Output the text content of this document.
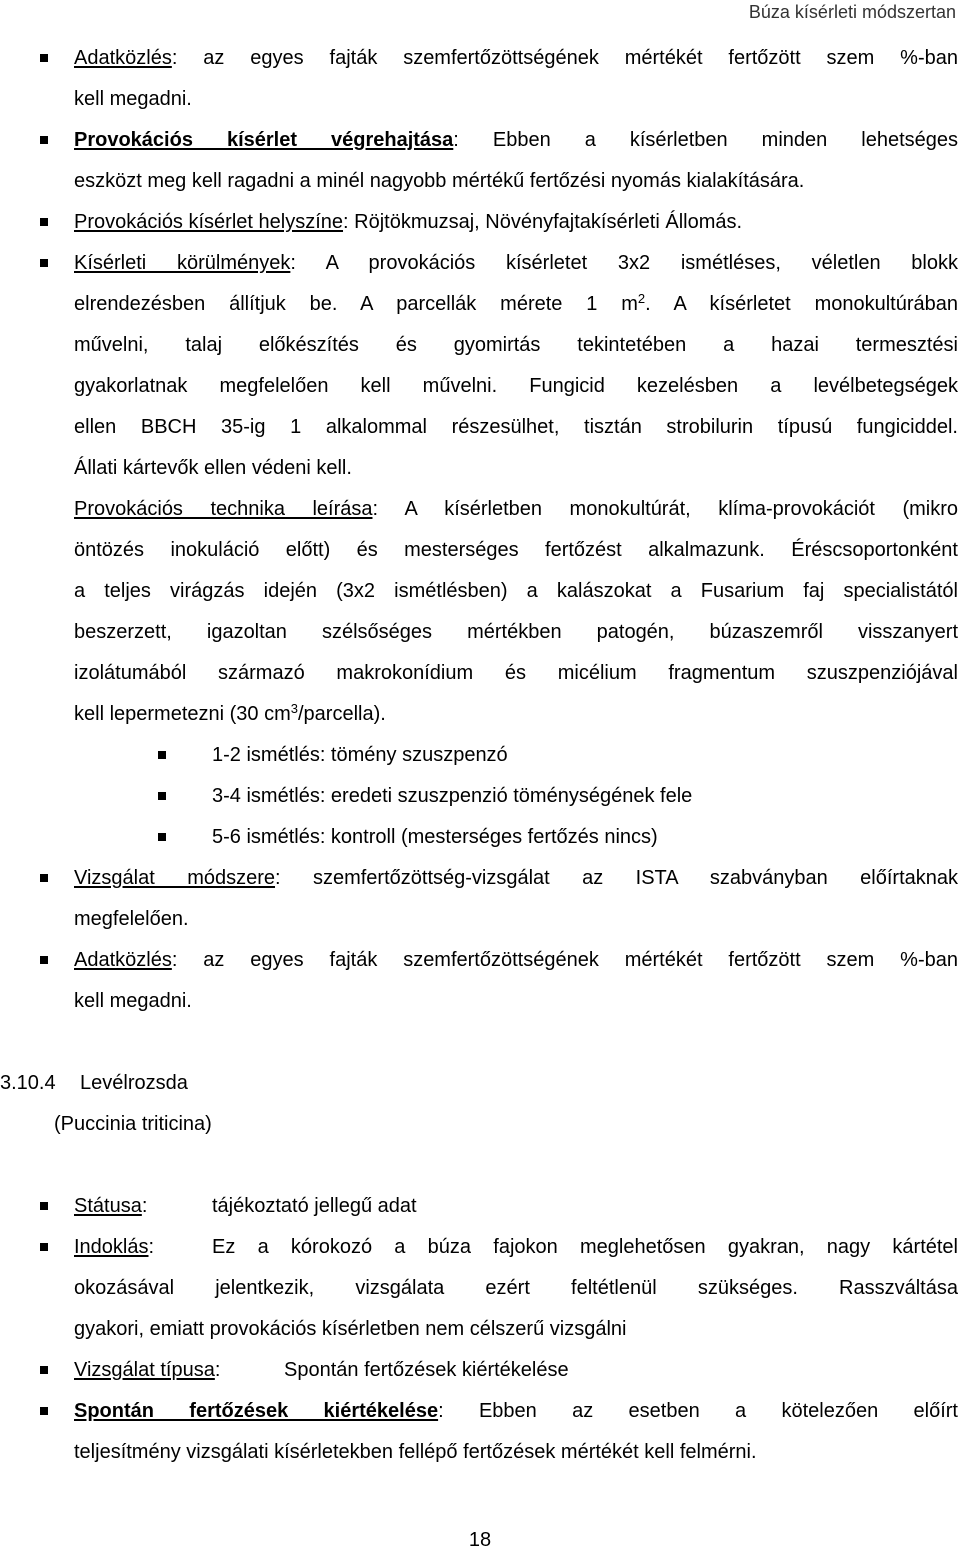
Búza kísérleti módszertan
Adatközlés: az egyes fajták szemfertőzöttségének mértékét fertőzött szem %-ban
kell megadni.
Provokációs kísérlet végrehajtása: Ebben a kísérletben minden lehetséges
eszközt meg kell ragadni a minél nagyobb mértékű fertőzési nyomás kialakítására.
Provokációs kísérlet helyszíne: Röjtökmuzsaj, Növényfajtakísérleti Állomás.
Kísérleti körülmények: A provokációs kísérletet 3x2 ismétléses, véletlen blokk
elrendezésben állítjuk be. A parcellák mérete 1 $m^2$. A kísérletet monokultúrában
művelni, talaj előkészítés és gyomirtás tekintetében a hazai termesztési
gyakorlatnak megfelelően kell művelni. Fungicid kezelésben a levélbetegségek
ellen BBCH 35-ig 1 alkalommal részesülhet, tisztán strobilurin típusú fungiciddel.
Állati kártevők ellen védeni kell.
Provokációs technika leírása: A kísérletben monokultúrát, klíma-provokációt (mikro
öntözés inokuláció előtt) és mesterséges fertőzést alkalmazunk. Éréscsoportonként
a teljes virágzás idején (3x2 ismétlésben) a kalászokat a Fusarium faj specialistától
beszerzett, igazoltan szélsőséges mértékben patogén, búzaszemről visszanyert
izolátumából származó makrokonídium és micélium fragmentum szuszpenziójával
kell lepermetezni (30 $cm^3/parcella$).
1-2 ismétlés: tömény szuszpenzó
3-4 ismétlés: eredeti szuszpenzió töménységének fele
5-6 ismétlés: kontroll (mesterséges fertőzés nincs)
Vizsgálat módszere: szemfertőzöttség-vizsgálat az ISTA szabványban előírtaknak
megfelelően.
Adatközlés: az egyes fajták szemfertőzöttségének mértékét fertőzött szem %-ban
kell megadni.
3.10.4 Levélrozsda
(Puccinia triticina)
Státusa:	tájékoztató jellegű adat
Indoklás:	Ez a kórokozó a búza fajokon meglehetősen gyakran, nagy kártétel
okozásával jelentkezik, vizsgálata ezért feltétlenül szükséges. Rasszváltása
gyakori, emiatt provokációs kísérletben nem célszerű vizsgálni
Vizsgálat típusa:	Spontán fertőzések kiértékelése
Spontán fertőzések kiértékelése: Ebben az esetben a kötelezően előírt
teljesítmény vizsgálati kísérletekben fellépő fertőzések mértékét kell felmérni.
18
